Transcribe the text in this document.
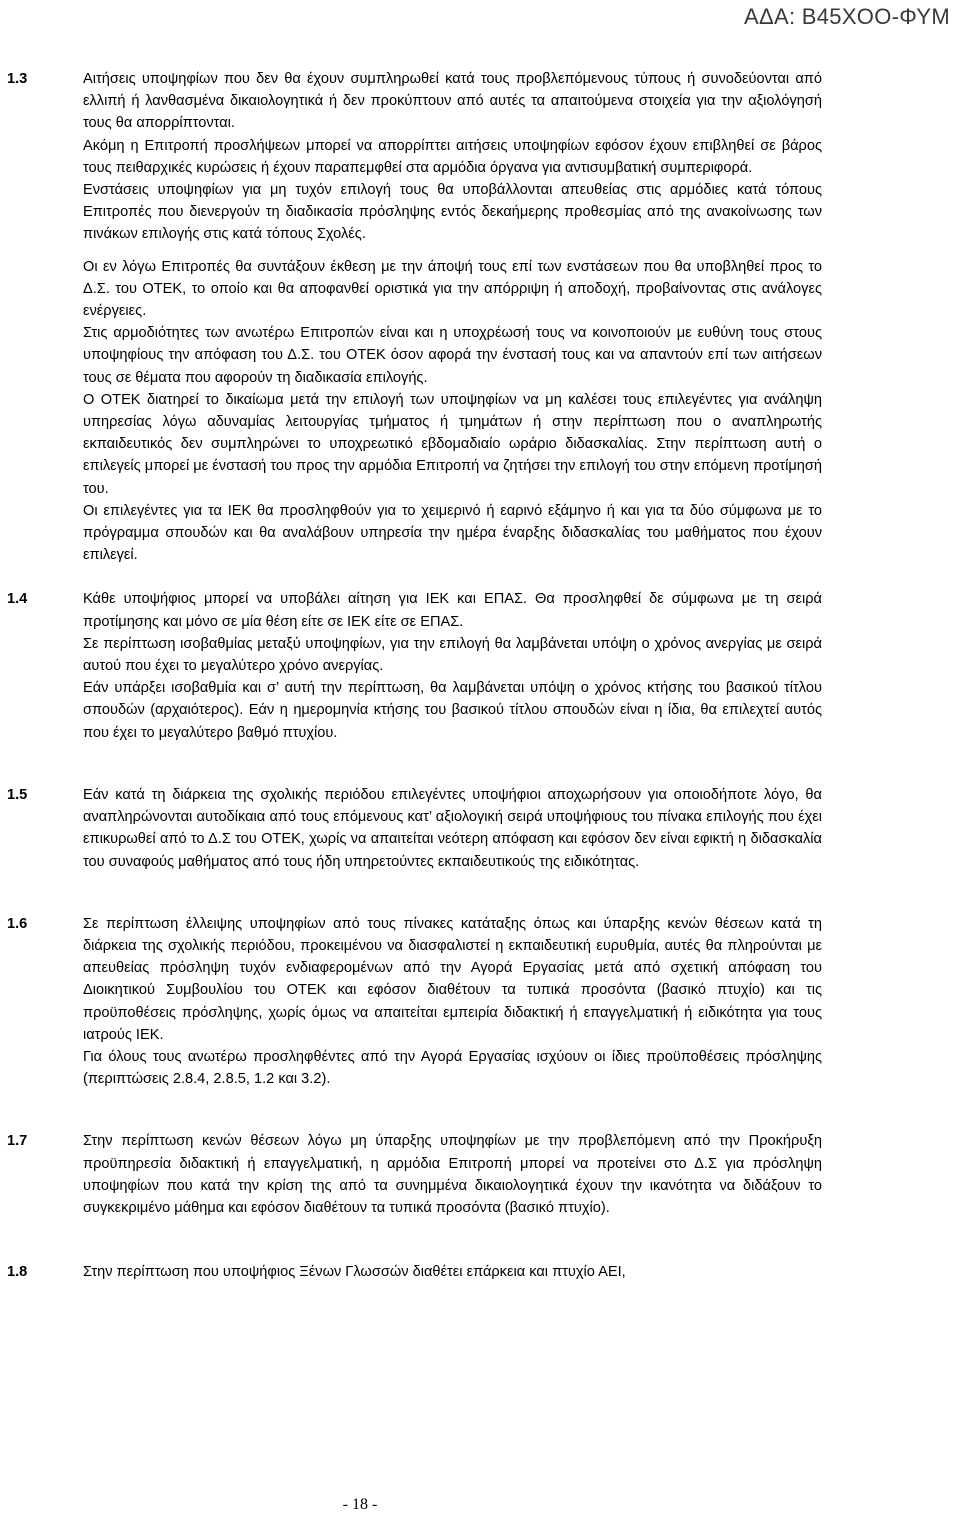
ΑΔΑ: Β45ΧΟΟ-ΦΥΜ
1.3	Αιτήσεις υποψηφίων που δεν θα έχουν συμπληρωθεί κατά τους προβλεπόμενους τύπους ή συνοδεύονται από ελλιπή ή λανθασμένα δικαιολογητικά ή δεν προκύπτουν από αυτές τα απαιτούμενα στοιχεία για την αξιολόγησή τους θα απορρίπτονται.

Ακόμη η Επιτροπή προσλήψεων μπορεί να απορρίπτει αιτήσεις υποψηφίων εφόσον έχουν επιβληθεί σε βάρος τους πειθαρχικές κυρώσεις ή έχουν παραπεμφθεί στα αρμόδια όργανα για αντισυμβατική συμπεριφορά.

Ενστάσεις υποψηφίων για μη τυχόν επιλογή τους θα υποβάλλονται απευθείας στις αρμόδιες κατά τόπους Επιτροπές που διενεργούν τη διαδικασία πρόσληψης εντός δεκαήμερης προθεσμίας από της ανακοίνωσης των πινάκων επιλογής στις κατά τόπους Σχολές.

Οι εν λόγω Επιτροπές θα συντάξουν έκθεση με την άποψή τους επί των ενστάσεων που θα υποβληθεί προς το Δ.Σ. του ΟΤΕΚ, το οποίο και θα αποφανθεί οριστικά για την απόρριψη ή αποδοχή, προβαίνοντας στις ανάλογες ενέργειες.

Στις αρμοδιότητες των ανωτέρω Επιτροπών είναι και η υποχρέωσή τους να κοινοποιούν με ευθύνη τους στους υποψηφίους την απόφαση του Δ.Σ. του ΟΤΕΚ όσον αφορά την ένστασή τους και να απαντούν επί των αιτήσεων τους σε θέματα που αφορούν τη διαδικασία επιλογής.

Ο ΟΤΕΚ διατηρεί το δικαίωμα μετά την επιλογή των υποψηφίων να μη καλέσει τους επιλεγέντες για ανάληψη υπηρεσίας λόγω αδυναμίας λειτουργίας τμήματος ή τμημάτων ή στην περίπτωση που ο αναπληρωτής εκπαιδευτικός δεν συμπληρώνει το υποχρεωτικό εβδομαδιαίο ωράριο διδασκαλίας. Στην περίπτωση αυτή ο επιλεγείς μπορεί με ένστασή του προς την αρμόδια Επιτροπή να ζητήσει την επιλογή του στην επόμενη προτίμησή του.

Οι επιλεγέντες για τα ΙΕΚ θα προσληφθούν για το χειμερινό ή εαρινό εξάμηνο ή και για τα δύο σύμφωνα με το πρόγραμμα σπουδών και θα αναλάβουν υπηρεσία την ημέρα έναρξης διδασκαλίας του μαθήματος που έχουν επιλεγεί.

1.4	Κάθε υποψήφιος μπορεί να υποβάλει αίτηση για ΙΕΚ και ΕΠΑΣ. Θα προσληφθεί δε σύμφωνα με τη σειρά προτίμησης και μόνο σε μία θέση είτε σε ΙΕΚ είτε σε ΕΠΑΣ.

Σε περίπτωση ισοβαθμίας μεταξύ υποψηφίων, για την επιλογή θα λαμβάνεται υπόψη ο χρόνος ανεργίας με σειρά αυτού που έχει το μεγαλύτερο χρόνο ανεργίας.

Εάν υπάρξει ισοβαθμία και σ’ αυτή την περίπτωση, θα λαμβάνεται υπόψη ο χρόνος κτήσης του βασικού τίτλου σπουδών (αρχαιότερος). Εάν η ημερομηνία κτήσης του βασικού τίτλου σπουδών είναι η ίδια, θα επιλεχτεί αυτός που έχει το μεγαλύτερο βαθμό πτυχίου.

1.5	Εάν κατά τη διάρκεια της σχολικής περιόδου επιλεγέντες υποψήφιοι αποχωρήσουν για οποιοδήποτε λόγο, θα αναπληρώνονται αυτοδίκαια από τους επόμενους κατ’ αξιολογική σειρά υποψήφιους του πίνακα επιλογής που έχει επικυρωθεί από το Δ.Σ του ΟΤΕΚ, χωρίς να απαιτείται νεότερη απόφαση και εφόσον δεν είναι εφικτή η διδασκαλία του συναφούς μαθήματος από τους ήδη υπηρετούντες εκπαιδευτικούς της ειδικότητας.

1.6	Σε περίπτωση έλλειψης υποψηφίων από τους πίνακες κατάταξης όπως και ύπαρξης κενών θέσεων κατά τη διάρκεια της σχολικής περιόδου, προκειμένου να διασφαλιστεί η εκπαιδευτική ευρυθμία, αυτές θα πληρούνται με απευθείας πρόσληψη τυχόν ενδιαφερομένων από την Αγορά Εργασίας μετά από σχετική απόφαση του Διοικητικού Συμβουλίου του ΟΤΕΚ και εφόσον διαθέτουν τα τυπικά προσόντα (βασικό πτυχίο) και τις προϋποθέσεις πρόσληψης, χωρίς όμως να απαιτείται εμπειρία διδακτική ή επαγγελματική ή ειδικότητα για τους ιατρούς ΙΕΚ.

Για όλους τους ανωτέρω προσληφθέντες από την Αγορά Εργασίας ισχύουν οι ίδιες προϋποθέσεις πρόσληψης (περιπτώσεις 2.8.4, 2.8.5, 1.2 και 3.2).

1.7	Στην περίπτωση κενών θέσεων λόγω μη ύπαρξης υποψηφίων με την προβλεπόμενη από την Προκήρυξη προϋπηρεσία διδακτική ή επαγγελματική, η αρμόδια Επιτροπή μπορεί να προτείνει στο Δ.Σ για πρόσληψη υποψηφίων που κατά την κρίση της από τα συνημμένα δικαιολογητικά έχουν την ικανότητα να διδάξουν το συγκεκριμένο μάθημα και εφόσον διαθέτουν τα τυπικά προσόντα (βασικό πτυχίο).

1.8	Στην περίπτωση που υποψήφιος Ξένων Γλωσσών διαθέτει επάρκεια και πτυχίο ΑΕΙ,

- 18 -
